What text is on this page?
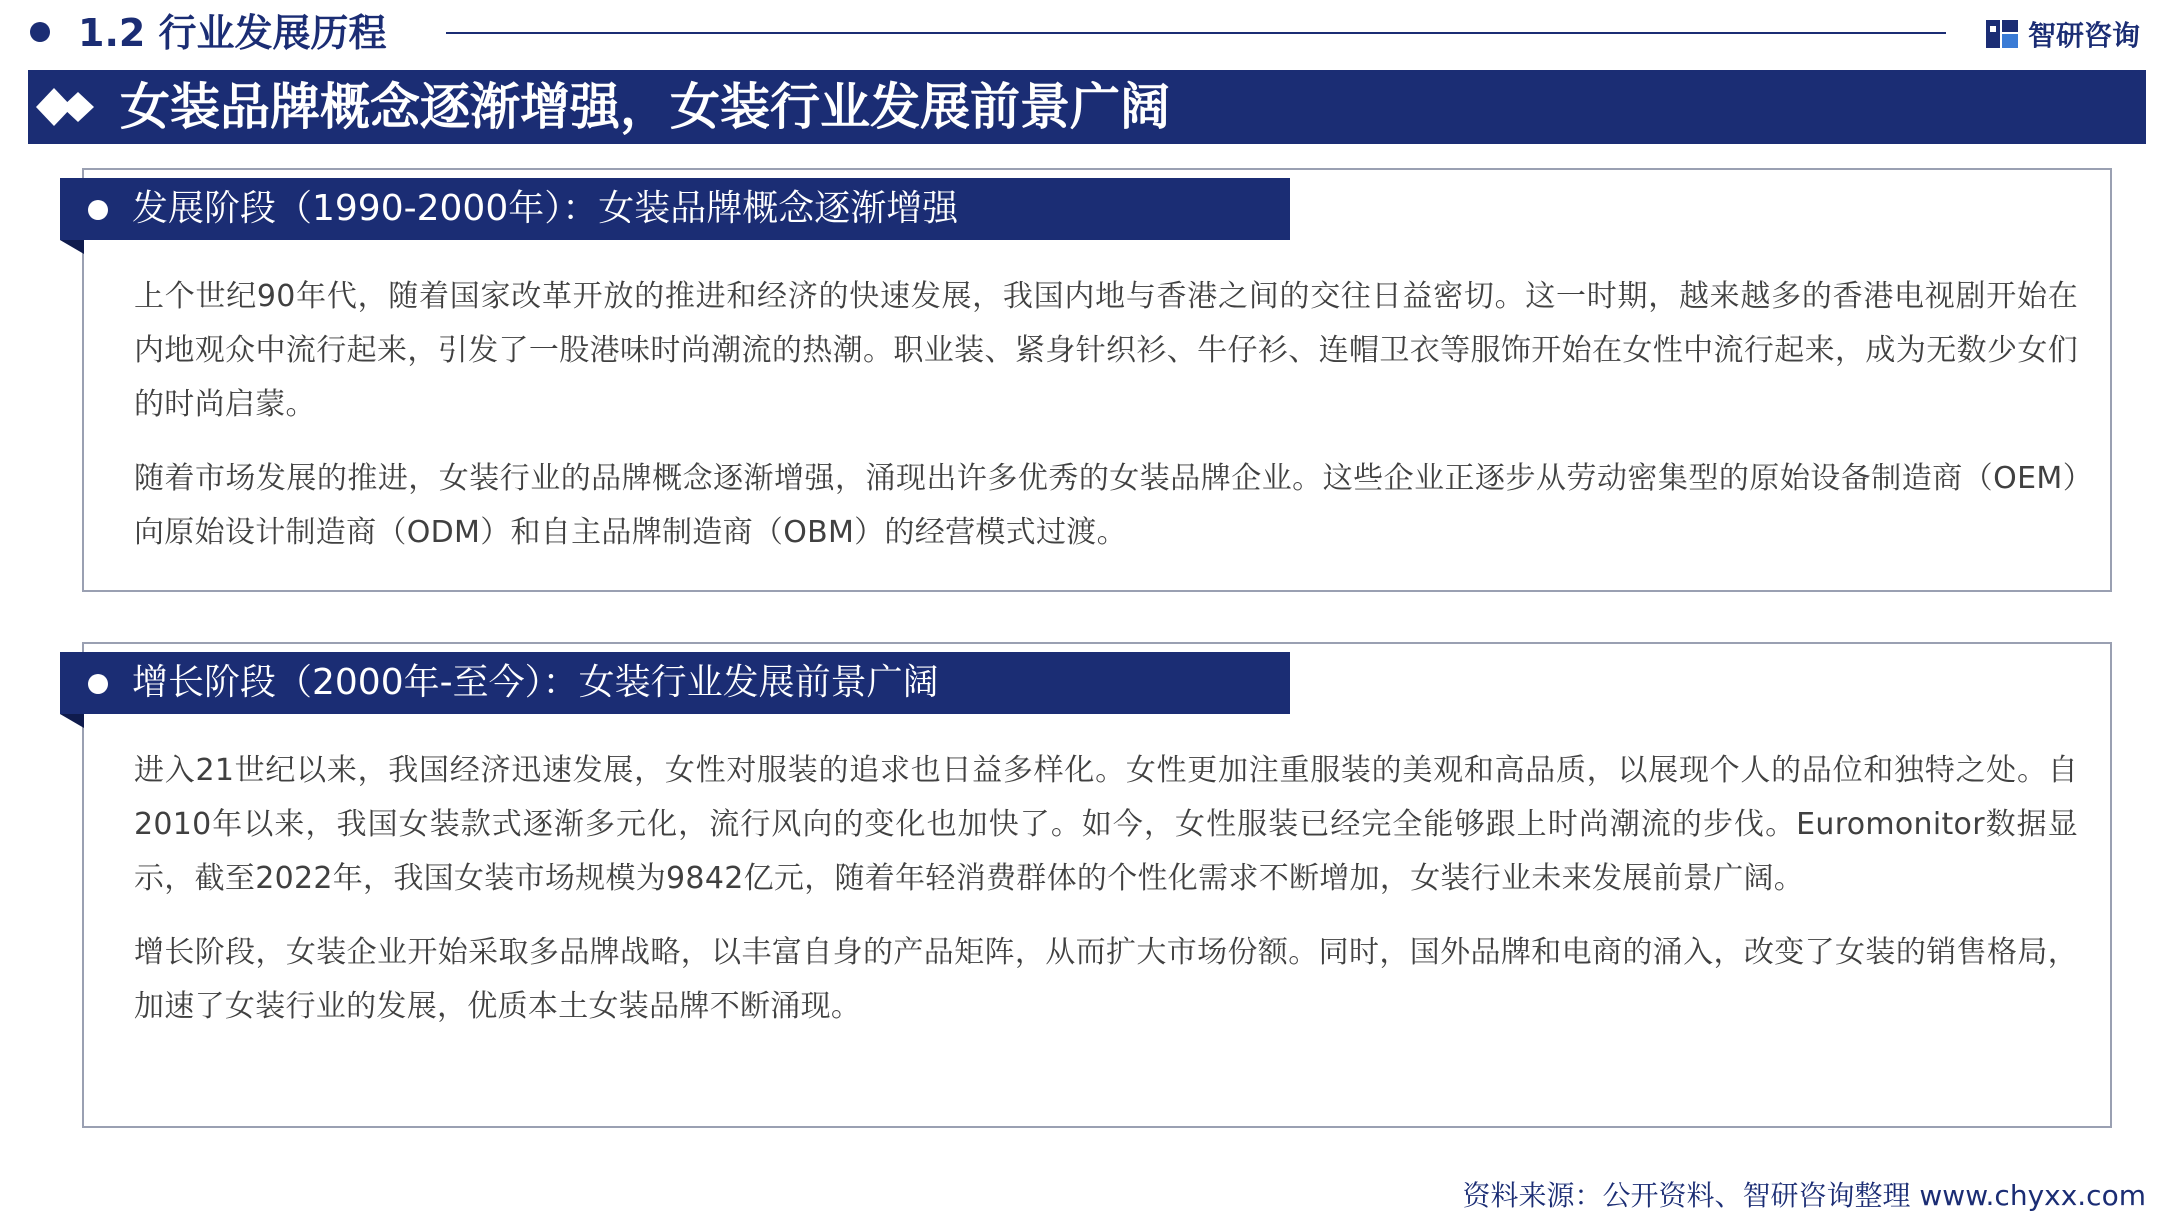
1.2 行业发展历程	智研咨询
女装品牌概念逐渐增强，女装行业发展前景广阔
发展阶段（1990-2000年）：女装品牌概念逐渐增强

上个世纪90年代，随着国家改革开放的推进和经济的快速发展，我国内地与香港之间的交往日益密切。这一时期，越来越多的香港电视剧开始在内地观众中流行起来，引发了一股港味时尚潮流的热潮。职业装、紧身针织衫、牛仔衫、连帽卫衣等服饰开始在女性中流行起来，成为无数少女们的时尚启蒙。

随着市场发展的推进，女装行业的品牌概念逐渐增强，涌现出许多优秀的女装品牌企业。这些企业正逐步从劳动密集型的原始设备制造商（OEM）向原始设计制造商（ODM）和自主品牌制造商（OBM）的经营模式过渡。

增长阶段（2000年-至今）：女装行业发展前景广阔

进入21世纪以来，我国经济迅速发展，女性对服装的追求也日益多样化。女性更加注重服装的美观和高品质，以展现个人的品位和独特之处。自2010年以来，我国女装款式逐渐多元化，流行风向的变化也加快了。如今，女性服装已经完全能够跟上时尚潮流的步伐。Euromonitor数据显示，截至2022年，我国女装市场规模为9842亿元，随着年轻消费群体的个性化需求不断增加，女装行业未来发展前景广阔。

增长阶段，女装企业开始采取多品牌战略，以丰富自身的产品矩阵，从而扩大市场份额。同时，国外品牌和电商的涌入，改变了女装的销售格局，加速了女装行业的发展，优质本土女装品牌不断涌现。

资料来源：公开资料、智研咨询整理 www.chyxx.com
